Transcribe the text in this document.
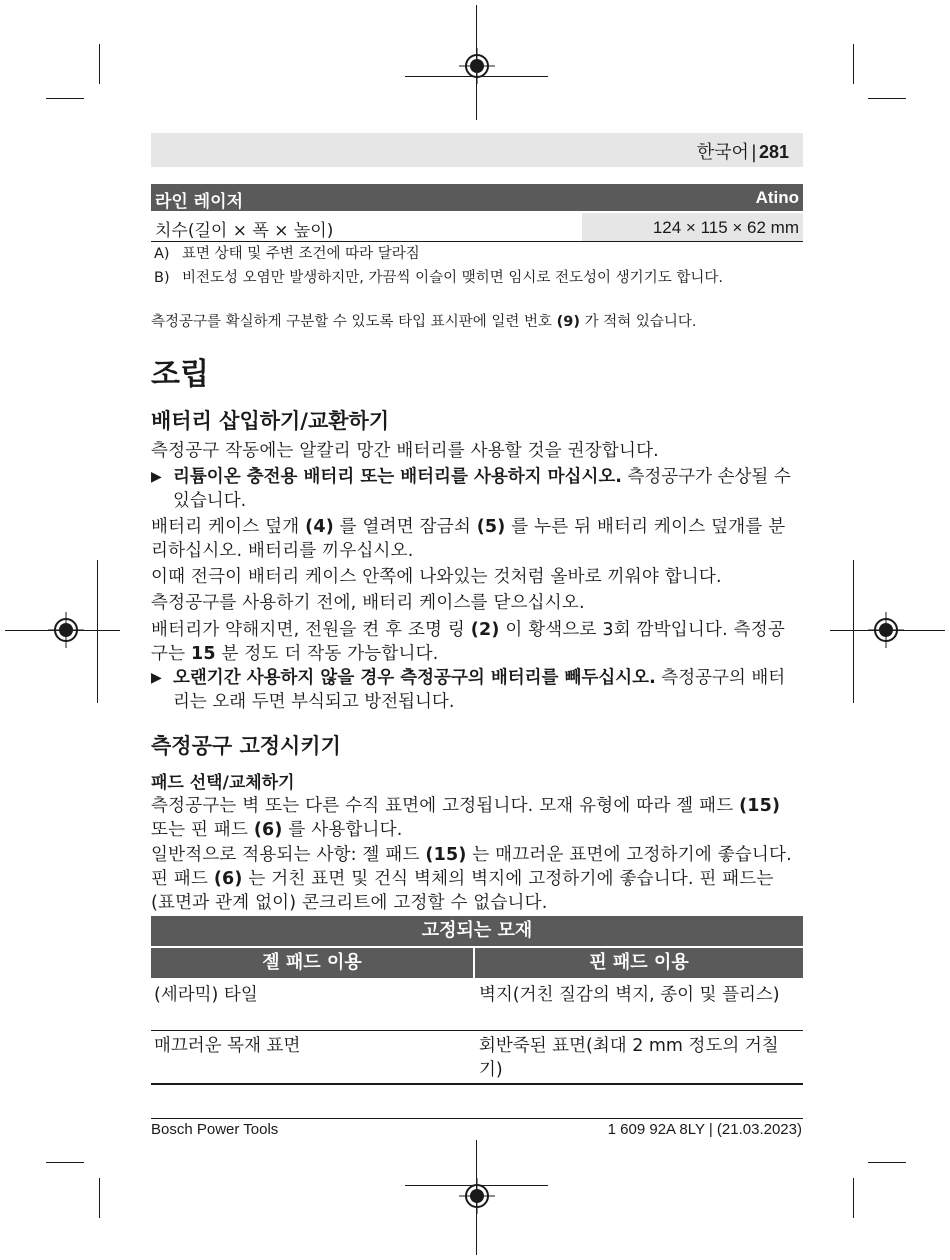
한국어 | 281
라인 레이저	Atino
치수(길이 × 폭 × 높이)	124 × 115 × 62 mm
A) 표면 상태 및 주변 조건에 따라 달라짐
B) 비전도성 오염만 발생하지만, 가끔씩 이슬이 맺히면 임시로 전도성이 생기기도 합니다.
측정공구를 확실하게 구분할 수 있도록 타입 표시판에 일련 번호 (9) 가 적혀 있습니다.
조립
배터리 삽입하기/교환하기
측정공구 작동에는 알칼리 망간 배터리를 사용할 것을 권장합니다.
▶ 리튬이온 충전용 배터리 또는 배터리를 사용하지 마십시오. 측정공구가 손상될 수 있습니다.
배터리 케이스 덮개 (4) 를 열려면 잠금쇠 (5) 를 누른 뒤 배터리 케이스 덮개를 분리하십시오. 배터리를 끼우십시오.
이때 전극이 배터리 케이스 안쪽에 나와있는 것처럼 올바로 끼워야 합니다.
측정공구를 사용하기 전에, 배터리 케이스를 닫으십시오.
배터리가 약해지면, 전원을 켠 후 조명 링 (2) 이 황색으로 3회 깜박입니다. 측정공구는 15 분 정도 더 작동 가능합니다.
▶ 오랜기간 사용하지 않을 경우 측정공구의 배터리를 빼두십시오. 측정공구의 배터리는 오래 두면 부식되고 방전됩니다.
측정공구 고정시키기
패드 선택/교체하기
측정공구는 벽 또는 다른 수직 표면에 고정됩니다. 모재 유형에 따라 젤 패드 (15) 또는 핀 패드 (6) 를 사용합니다.
일반적으로 적용되는 사항: 젤 패드 (15) 는 매끄러운 표면에 고정하기에 좋습니다. 핀 패드 (6) 는 거친 표면 및 건식 벽체의 벽지에 고정하기에 좋습니다. 핀 패드는 (표면과 관계 없이) 콘크리트에 고정할 수 없습니다.
고정되는 모재
젤 패드 이용	핀 패드 이용
(세라믹) 타일	벽지(거친 질감의 벽지, 종이 및 플리스)
매끄러운 목재 표면	회반죽된 표면(최대 2 mm 정도의 거칠기)
Bosch Power Tools	1 609 92A 8LY | (21.03.2023)
